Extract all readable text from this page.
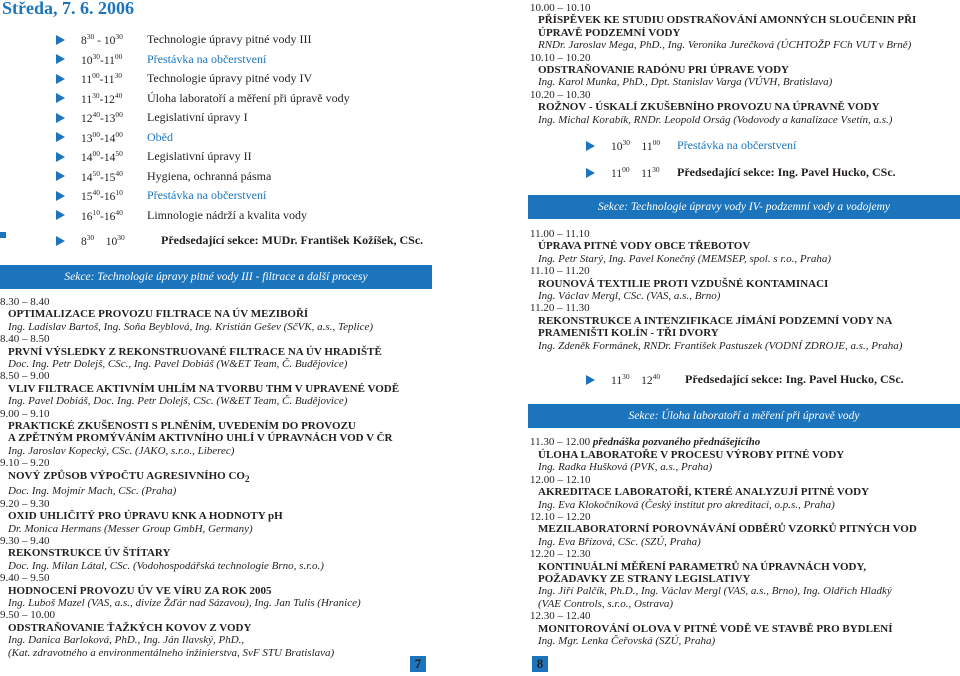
Středa, 7. 6. 2006
$8^{30} - 10^{30}$	Technologie úpravy pitné vody III
$10^{30}-11^{00}$	Přestávka na občerstvení
$11^{00}-11^{30}$	Technologie úpravy pitné vody IV
$11^{30}-12^{40}$	Úloha laboratoří a měření při úpravě vody
$12^{40}-13^{00}$	Legislativní úpravy I
$13^{00}-14^{00}$	Oběd
$14^{00}-14^{50}$	Legislativní úpravy II
$14^{50}-15^{40}$	Hygiena, ochranná pásma
$15^{40}-16^{10}$	Přestávka na občerstvení
$16^{10}-16^{40}$	Limnologie nádrží a kvalita vody
$8^{30}$    $10^{30}$	Předsedající sekce: MUDr. František Kožíšek, CSc.
Sekce: Technologie úpravy pitné vody III - filtrace a další procesy
8.30 – 8.40
OPTIMALIZACE PROVOZU FILTRACE NA ÚV MEZIBOŘÍ
Ing. Ladislav Bartoš, Ing. Soňa Beyblová, Ing. Kristián Gešev (SčVK, a.s., Teplice)
8.40 – 8.50
PRVNÍ VÝSLEDKY Z REKONSTRUOVANÉ FILTRACE NA ÚV HRADIŠTĚ
Doc. Ing. Petr Dolejš, CSc., Ing. Pavel Dobiáš (W&ET Team, Č. Budějovice)
8.50 – 9.00
VLIV FILTRACE AKTIVNÍM UHLÍM NA TVORBU THM V UPRAVENÉ VODĚ
Ing. Pavel Dobiáš, Doc. Ing. Petr Dolejš, CSc. (W&ET Team, Č. Budějovice)
9.00 – 9.10
PRAKTICKÉ ZKUŠENOSTI S PLNĚNÍM, UVEDENÍM DO PROVOZU
A ZPĚTNÝM PROMÝVÁNÍM AKTIVNÍHO UHLÍ V ÚPRAVNÁCH VOD V ČR
Ing. Jaroslav Kopecký, CSc. (JAKO, s.r.o., Liberec)
9.10 – 9.20
NOVÝ ZPŮSOB VÝPOČTU AGRESIVNÍHO $CO_2$
Doc. Ing. Mojmír Mach, CSc. (Praha)
9.20 – 9.30
OXID UHLIČITÝ PRO ÚPRAVU KNK A HODNOTY pH
Dr. Monica Hermans (Messer Group GmbH, Germany)
9.30 – 9.40
REKONSTRUKCE ÚV ŠTÍTARY
Doc. Ing. Milan Látal, CSc. (Vodohospodářská technologie Brno, s.r.o.)
9.40 – 9.50
HODNOCENÍ PROVOZU ÚV VE VÍRU ZA ROK 2005
Ing. Luboš Mazel (VAS, a.s., divize Žďár nad Sázavou), Ing. Jan Tulis (Hranice)
9.50 – 10.00
ODSTRAŇOVANIE ŤAŽKÝCH KOVOV Z VODY
Ing. Danica Barloková, PhD., Ing. Ján Ilavský, PhD.,
(Kat. zdravotného a environmentálneho inžinierstva, SvF STU Bratislava)
7
10.00 – 10.10
PŘÍSPĚVEK KE STUDIU ODSTRAŇOVÁNÍ AMONNÝCH SLOUČENIN PŘI
ÚPRAVĚ PODZEMNÍ VODY
RNDr. Jaroslav Mega, PhD., Ing. Veronika Jurečková (ÚCHTOŽP FCh VUT v Brně)
10.10 – 10.20
ODSTRAŇOVANIE RADÓNU PRI ÚPRAVE VODY
Ing. Karol Munka, PhD., Dpt. Stanislav Varga (VÚVH, Bratislava)
10.20 – 10.30
ROŽNOV - ÚSKALÍ ZKUŠEBNÍHO PROVOZU NA ÚPRAVNĚ VODY
Ing. Michal Korabík, RNDr. Leopold Orság (Vodovody a kanalizace Vsetín, a.s.)
$10^{30}$    $11^{00}$	Přestávka na občerstvení
$11^{00}$    $11^{30}$	Předsedající sekce: Ing. Pavel Hucko, CSc.
Sekce: Technologie úpravy vody IV- podzemní vody a vodojemy
11.00 – 11.10
ÚPRAVA PITNÉ VODY OBCE TŘEBOTOV
Ing. Petr Starý, Ing. Pavel Konečný (MEMSEP, spol. s r.o., Praha)
11.10 – 11.20
ROUNOVÁ TEXTILIE PROTI VZDUŠNÉ KONTAMINACI
Ing. Václav Mergl, CSc. (VAS, a.s., Brno)
11.20 – 11.30
REKONSTRUKCE A INTENZIFIKACE JÍMÁNÍ PODZEMNÍ VODY NA
PRAMENIŠTI KOLÍN - TŘI DVORY
Ing. Zdeněk Formánek, RNDr. František Pastuszek (VODNÍ ZDROJE, a.s., Praha)
$11^{30}$    $12^{40}$	Předsedající sekce: Ing. Pavel Hucko, CSc.
Sekce: Úloha laboratoří a měření při úpravě vody
11.30 – 12.00 přednáška pozvaného přednášejícího
ÚLOHA LABORATOŘE V PROCESU VÝROBY PITNÉ VODY
Ing. Radka Hušková (PVK, a.s., Praha)
12.00 – 12.10
AKREDITACE LABORATOŘÍ, KTERÉ ANALYZUJÍ PITNÉ VODY
Ing. Eva Klokočníková (Český institut pro akreditaci, o.p.s., Praha)
12.10 – 12.20
MEZILABORATORNÍ POROVNÁVÁNÍ ODBĚRŮ VZORKŮ PITNÝCH VOD
Ing. Eva Břízová, CSc. (SZÚ, Praha)
12.20 – 12.30
KONTINUÁLNÍ MĚŘENÍ PARAMETRŮ NA ÚPRAVNÁCH VODY,
POŽADAVKY ZE STRANY LEGISLATIVY
Ing. Jiří Palčík, Ph.D., Ing. Václav Mergl (VAS, a.s., Brno), Ing. Oldřich Hladký
(VAE Controls, s.r.o., Ostrava)
12.30 – 12.40
MONITOROVÁNÍ OLOVA V PITNÉ VODĚ VE STAVBĚ PRO BYDLENÍ
Ing. Mgr. Lenka Čeřovská (SZÚ, Praha)
8
